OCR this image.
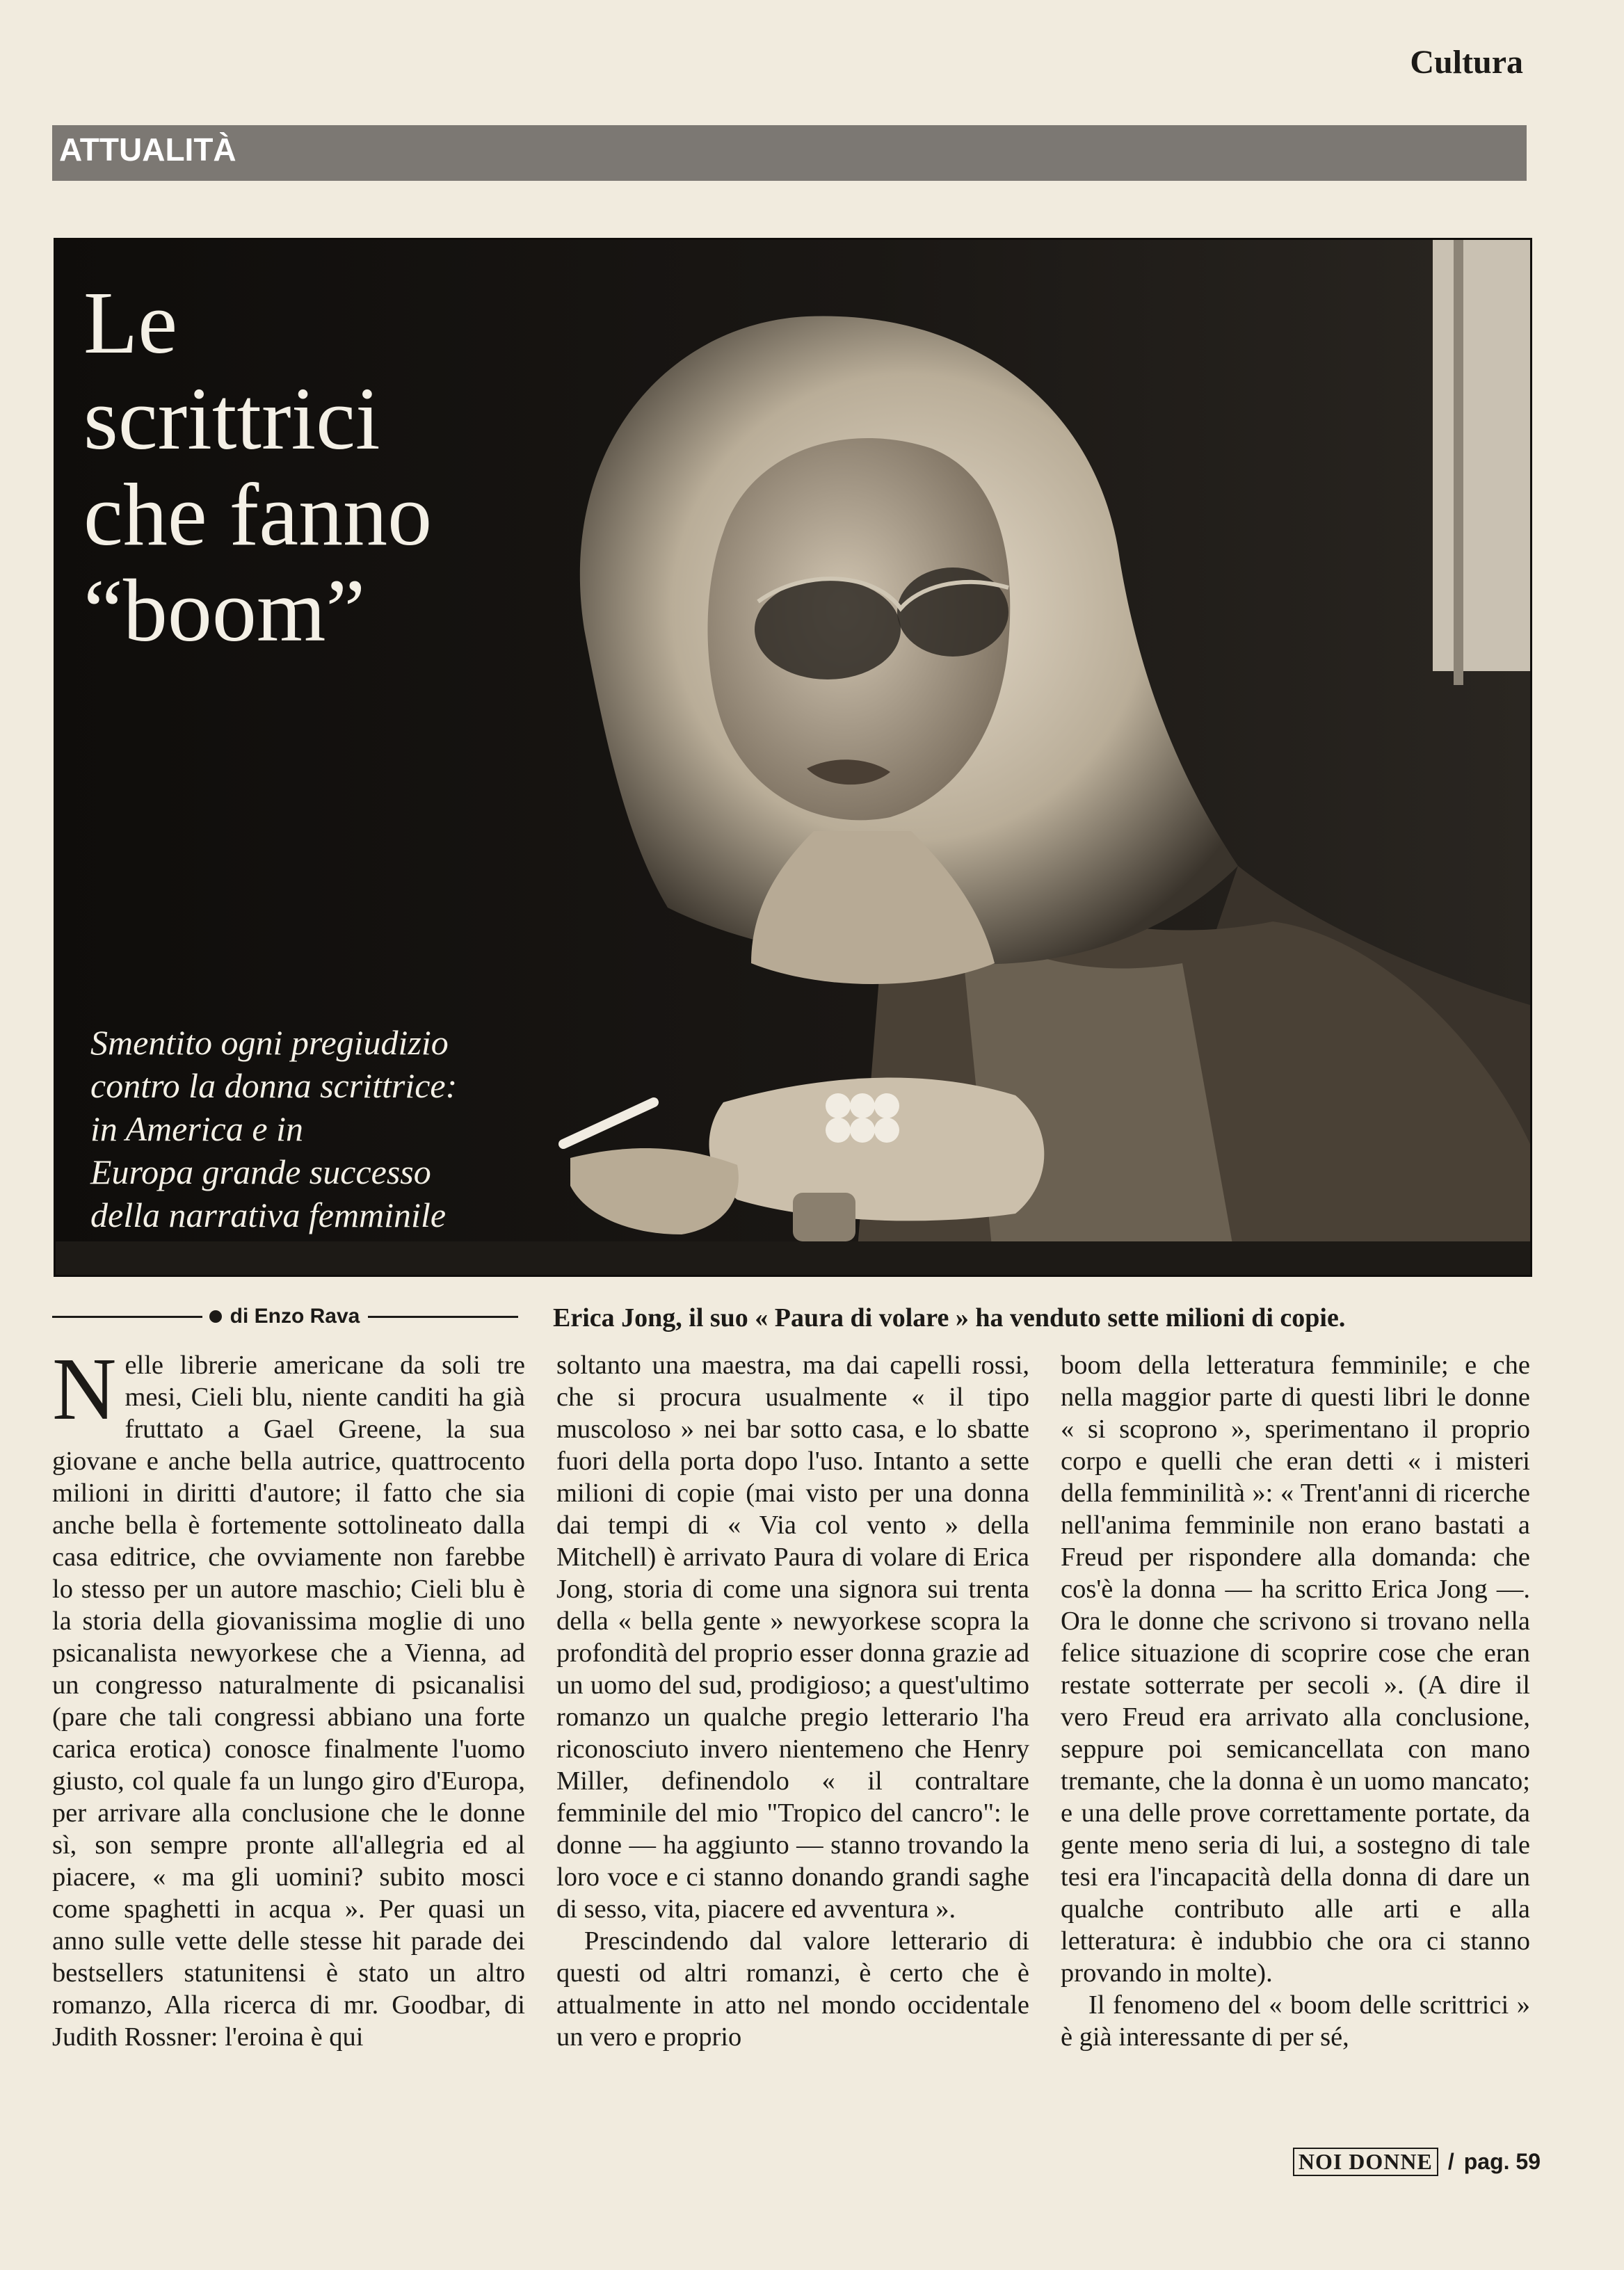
Cultura
ATTUALITÀ
Le
scrittrici
che fanno
“boom”
Smentito ogni pregiudizio
contro la donna scrittrice:
in America e in
Europa grande successo
della narrativa femminile
di Enzo Rava	Erica Jong, il suo « Paura di volare » ha venduto sette milioni di copie.
N elle librerie americane da soli tre mesi, Cieli blu, niente canditi ha già fruttato a Gael Greene, la sua giovane e anche bella autrice, quattrocento milioni in diritti d'autore; il fatto che sia anche bella è fortemente sottolineato dalla casa editrice, che ovviamente non farebbe lo stesso per un autore maschio; Cieli blu è la storia della giovanissima moglie di uno psicanalista newyorkese che a Vienna, ad un congresso naturalmente di psicanalisi (pare che tali congressi abbiano una forte carica erotica) conosce finalmente l'uomo giusto, col quale fa un lungo giro d'Europa, per arrivare alla conclusione che le donne sì, son sempre pronte all'allegria ed al piacere, « ma gli uomini? subito mosci come spaghetti in acqua ». Per quasi un anno sulle vette delle stesse hit parade dei bestsellers statunitensi è stato un altro romanzo, Alla ricerca di mr. Goodbar, di Judith Rossner: l'eroina è qui

soltanto una maestra, ma dai capelli rossi, che si procura usualmente « il tipo muscoloso » nei bar sotto casa, e lo sbatte fuori della porta dopo l'uso. Intanto a sette milioni di copie (mai visto per una donna dai tempi di « Via col vento » della Mitchell) è arrivato Paura di volare di Erica Jong, storia di come una signora sui trenta della « bella gente » newyorkese scopra la profondità del proprio esser donna grazie ad un uomo del sud, prodigioso; a quest'ultimo romanzo un qualche pregio letterario l'ha riconosciuto invero nientemeno che Henry Miller, definendolo « il contraltare femminile del mio "Tropico del cancro": le donne — ha aggiunto — stanno trovando la loro voce e ci stanno donando grandi saghe di sesso, vita, piacere ed avventura ».

Prescindendo dal valore letterario di questi od altri romanzi, è certo che è attualmente in atto nel mondo occidentale un vero e proprio

boom della letteratura femminile; e che nella maggior parte di questi libri le donne « si scoprono », sperimentano il proprio corpo e quelli che eran detti « i misteri della femminilità »: « Trent'anni di ricerche nell'anima femminile non erano bastati a Freud per rispondere alla domanda: che cos'è la donna — ha scritto Erica Jong —. Ora le donne che scrivono si trovano nella felice situazione di scoprire cose che eran restate sotterrate per secoli ». (A dire il vero Freud era arrivato alla conclusione, seppure poi semicancellata con mano tremante, che la donna è un uomo mancato; e una delle prove correttamente portate, da gente meno seria di lui, a sostegno di tale tesi era l'incapacità della donna di dare un qualche contributo alle arti e alla letteratura: è indubbio che ora ci stanno provando in molte).

Il fenomeno del « boom delle scrittrici » è già interessante di per sé,

NOI DONNE / pag. 59
